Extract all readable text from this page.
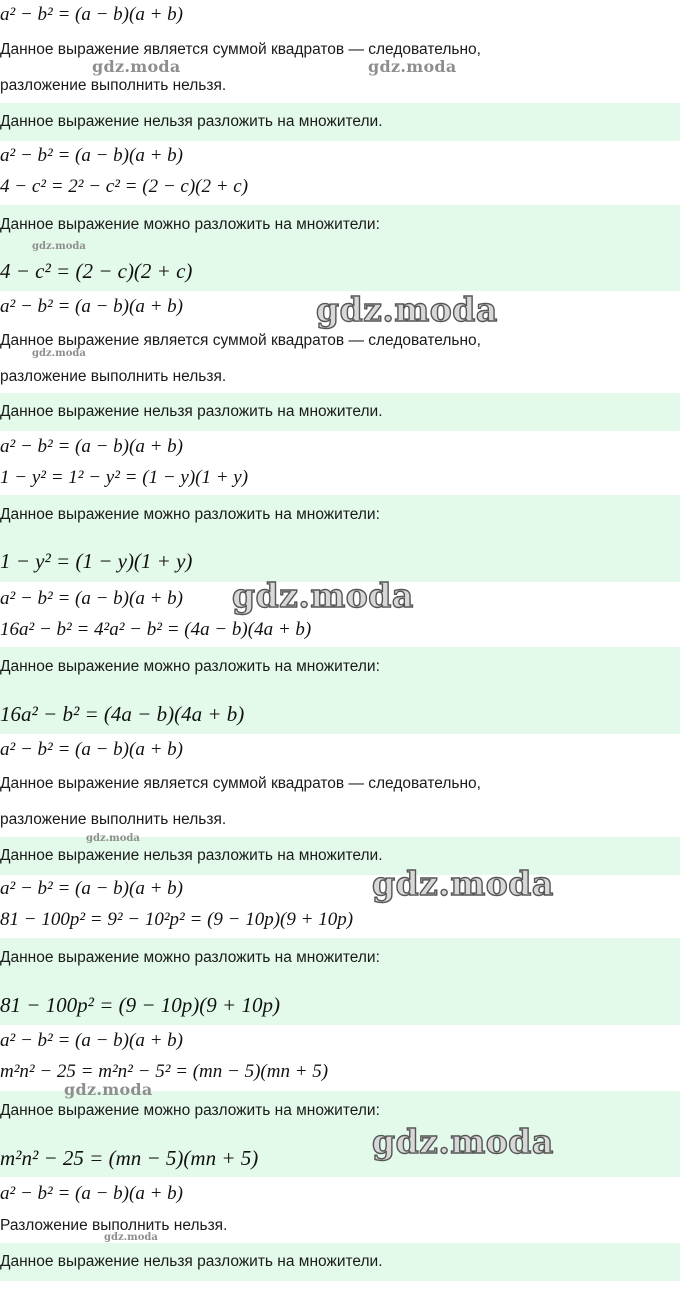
a² − b² = (a − b)(a + b)
Данное выражение является суммой квадратов — следовательно,
разложение выполнить нельзя.
Данное выражение нельзя разложить на множители.
a² − b² = (a − b)(a + b)
4 − c² = 2² − c² = (2 − c)(2 + c)
Данное выражение можно разложить на множители:
4 − c² = (2 − c)(2 + c)
a² − b² = (a − b)(a + b)
Данное выражение является суммой квадратов — следовательно,
разложение выполнить нельзя.
Данное выражение нельзя разложить на множители.
a² − b² = (a − b)(a + b)
1 − y² = 1² − y² = (1 − y)(1 + y)
Данное выражение можно разложить на множители:
1 − y² = (1 − y)(1 + y)
a² − b² = (a − b)(a + b)
16a² − b² = 4²a² − b² = (4a − b)(4a + b)
Данное выражение можно разложить на множители:
16a² − b² = (4a − b)(4a + b)
a² − b² = (a − b)(a + b)
Данное выражение является суммой квадратов — следовательно,
разложение выполнить нельзя.
Данное выражение нельзя разложить на множители.
a² − b² = (a − b)(a + b)
81 − 100p² = 9² − 10²p² = (9 − 10p)(9 + 10p)
Данное выражение можно разложить на множители:
81 − 100p² = (9 − 10p)(9 + 10p)
a² − b² = (a − b)(a + b)
m²n² − 25 = m²n² − 5² = (mn − 5)(mn + 5)
Данное выражение можно разложить на множители:
m²n² − 25 = (mn − 5)(mn + 5)
a² − b² = (a − b)(a + b)
Разложение выполнить нельзя.
Данное выражение нельзя разложить на множители.
gdz.moda	gdz.moda
gdz.moda
gdz.moda
gdz.moda
gdz.moda
gdz.moda
gdz.moda
gdz.moda
gdz.moda
gdz.moda
